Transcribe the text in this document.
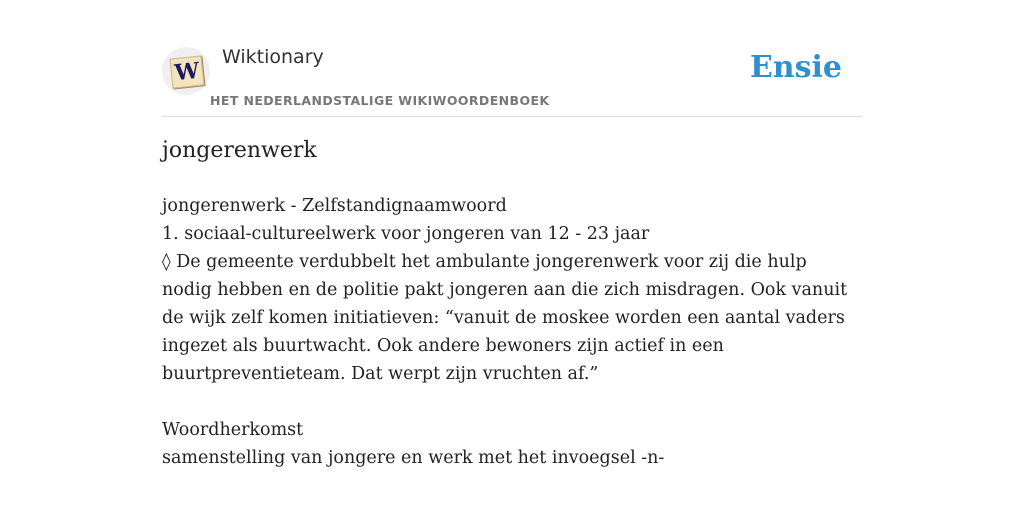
W
Wiktionary
HET NEDERLANDSTALIGE WIKIWOORDENBOEK
Ensie
jongerenwerk

jongerenwerk - Zelfstandignaamwoord

1. sociaal-cultureelwerk voor jongeren van 12 - 23 jaar

◊ De gemeente verdubbelt het ambulante jongerenwerk voor zij die hulp nodig hebben en de politie pakt jongeren aan die zich misdragen. Ook vanuit de wijk zelf komen initiatieven: “vanuit de moskee worden een aantal vaders ingezet als buurtwacht. Ook andere bewoners zijn actief in een buurtpreventieteam. Dat werpt zijn vruchten af.”

Woordherkomst

samenstelling van jongere en werk met het invoegsel -n-
